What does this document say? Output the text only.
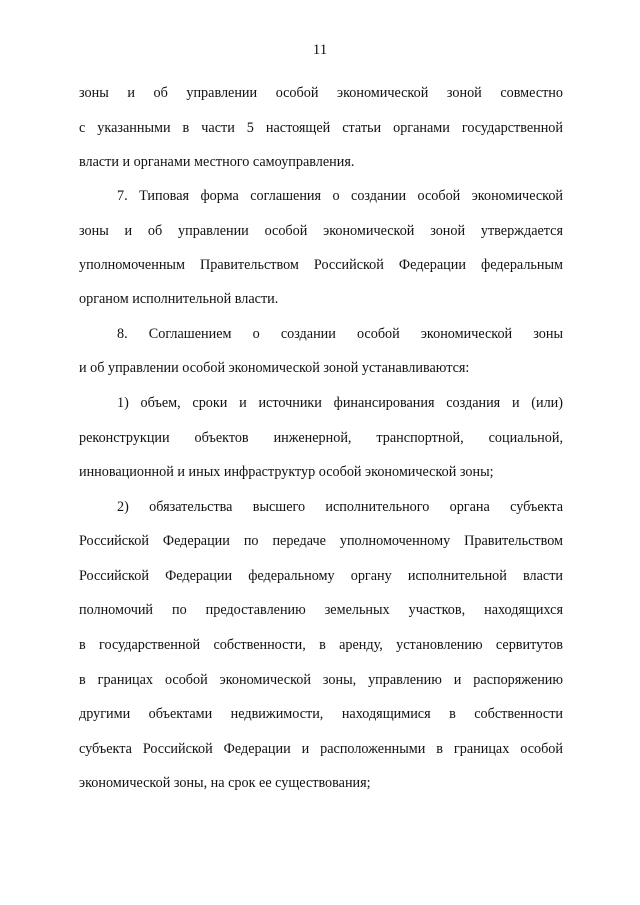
11
зоны и об управлении особой экономической зоной совместно
с указанными в части 5 настоящей статьи органами государственной
власти и органами местного самоуправления.
7. Типовая форма соглашения о создании особой экономической
зоны и об управлении особой экономической зоной утверждается
уполномоченным Правительством Российской Федерации федеральным
органом исполнительной власти.
8. Соглашением о создании особой экономической зоны
и об управлении особой экономической зоной устанавливаются:
1) объем, сроки и источники финансирования создания и (или)
реконструкции объектов инженерной, транспортной, социальной,
инновационной и иных инфраструктур особой экономической зоны;
2) обязательства высшего исполнительного органа субъекта
Российской Федерации по передаче уполномоченному Правительством
Российской Федерации федеральному органу исполнительной власти
полномочий по предоставлению земельных участков, находящихся
в государственной собственности, в аренду, установлению сервитутов
в границах особой экономической зоны, управлению и распоряжению
другими объектами недвижимости, находящимися в собственности
субъекта Российской Федерации и расположенными в границах особой
экономической зоны, на срок ее существования;
